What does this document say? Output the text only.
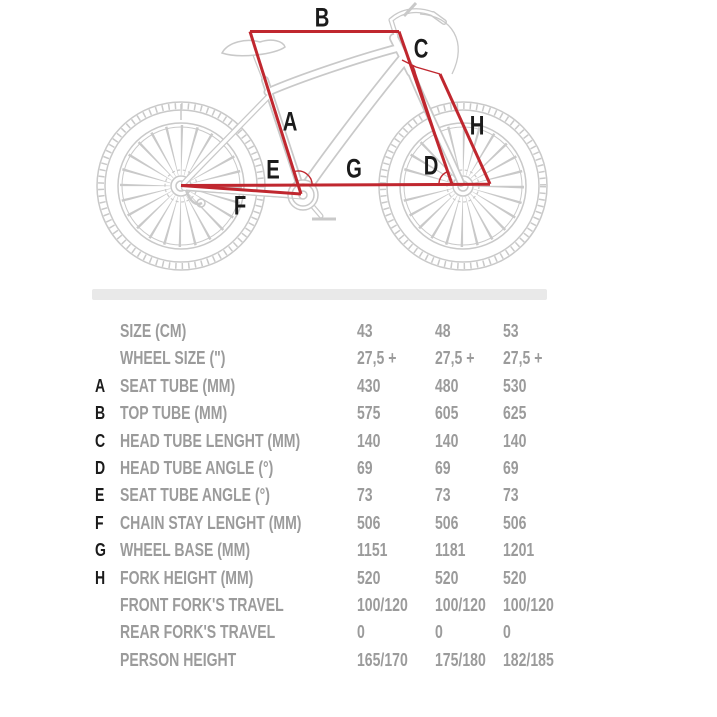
A
B
C
D
E
F
G
H
SIZE (CM)	43	48	53
WHEEL SIZE (")	27,5 +	27,5 +	27,5 +
A SEAT TUBE (MM)	430	480	530
B TOP TUBE (MM)	575	605	625
C HEAD TUBE LENGHT (MM)	140	140	140
D HEAD TUBE ANGLE (°)	69	69	69
E SEAT TUBE ANGLE (°)	73	73	73
F CHAIN STAY LENGHT (MM)	506	506	506
G WHEEL BASE (MM)	1151	1181	1201
H FORK HEIGHT (MM)	520	520	520
FRONT FORK'S TRAVEL	100/120	100/120 100/120
REAR FORK'S TRAVEL	0	0	0
PERSON HEIGHT	165/170	175/180 182/185
